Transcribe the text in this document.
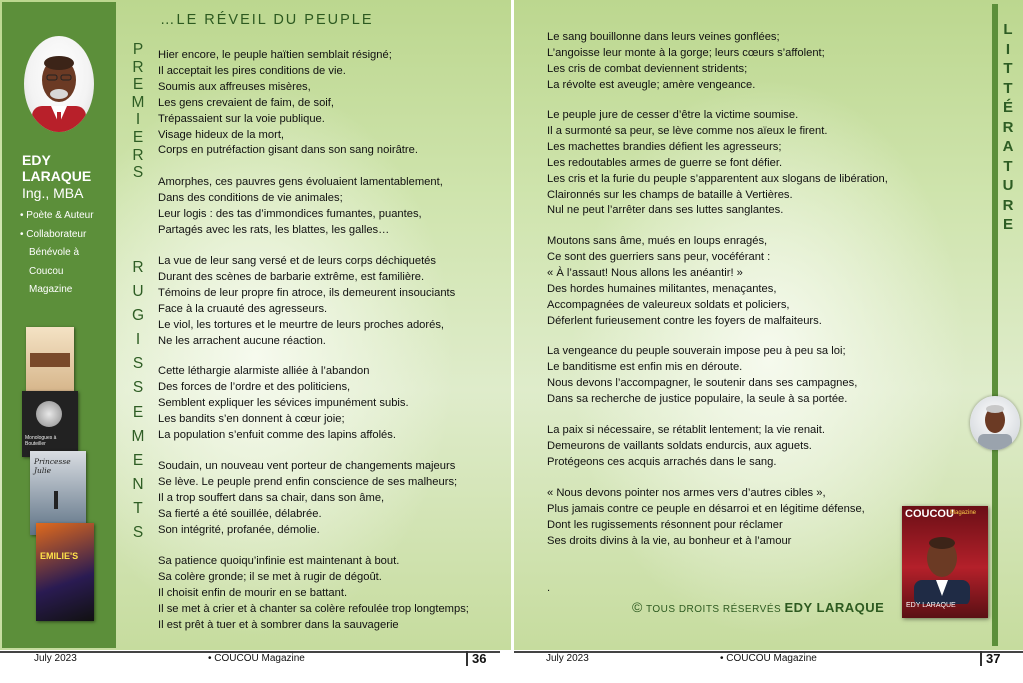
EDY
LARAQUE
Ing., MBA
• Poète & Auteur
• Collaborateur
Bénévole à
Coucou
Magazine
Monologues à Bouteiller
Princesse Julie
EMILIE'S
…LE RÉVEIL DU PEUPLE
P
R
E
M
I
E
R
S
R
U
G
I
S
S
E
M
E
N
T
S
Hier encore, le peuple haïtien semblait résigné;
Il acceptait les pires conditions de vie.
Soumis aux affreuses misères,
Les gens crevaient de faim, de soif,
Trépassaient sur la voie publique.
Visage hideux de la mort,
Corps en putréfaction gisant dans son sang noirâtre.
Amorphes, ces pauvres gens évoluaient lamentablement,
Dans des conditions de vie animales;
Leur logis : des tas d’immondices fumantes, puantes,
Partagés avec les rats, les blattes, les galles…
La vue de leur sang versé et de leurs corps déchiquetés
Durant des scènes de barbarie extrême, est familière.
Témoins de leur propre fin atroce, ils demeurent insouciants
Face à la cruauté des agresseurs.
Le viol, les tortures et le meurtre de leurs proches adorés,
Ne les arrachent aucune réaction.
Cette léthargie alarmiste alliée à l’abandon
Des forces de l’ordre et des politiciens,
Semblent expliquer les sévices impunément subis.
Les bandits s’en donnent à cœur joie;
La population s’enfuit comme des lapins affolés.
Soudain, un nouveau vent porteur de changements majeurs
Se lève. Le peuple prend enfin conscience de ses malheurs;
Il a trop souffert dans sa chair, dans son âme,
Sa fierté a été souillée, délabrée.
Son intégrité, profanée, démolie.
Sa patience quoiqu’infinie est maintenant à bout.
Sa colère gronde; il se met à rugir de dégoût.
Il choisit enfin de mourir en se battant.
Il se met à crier et à chanter sa colère refoulée trop longtemps;
Il est prêt à tuer et à sombrer dans la sauvagerie
Le sang bouillonne dans leurs veines gonflées;
L’angoisse leur monte à la gorge; leurs cœurs s’affolent;
Les cris de combat deviennent stridents;
La révolte est aveugle; amère vengeance.
Le peuple jure de cesser d’être la victime soumise.
Il a surmonté sa peur, se lève comme nos aïeux le firent.
Les machettes brandies défient les agresseurs;
Les redoutables armes de guerre se font défier.
Les cris et la furie du peuple s’apparentent aux slogans de libération,
Claironnés sur les champs de bataille à Vertières.
Nul ne peut l’arrêter dans ses luttes sanglantes.
Moutons sans âme, mués en loups enragés,
Ce sont des guerriers sans peur, vocéférant :
« À l’assaut! Nous allons les anéantir! »
Des hordes humaines militantes, menаçantes,
Accompagnées de valeureux soldats et policiers,
Déferlent furieusement contre les foyers de malfaiteurs.
La vengeance du peuple souverain impose peu à peu sa loi;
Le banditisme est enfin mis en déroute.
Nous devons l’accompagner, le soutenir dans ses campagnes,
Dans sa recherche de justice populaire, la seule à sa portée.
La paix si nécessaire, se rétablit lentement; la vie renait.
Demeurons de vaillants soldats endurcis, aux aguets.
Protégeons ces acquis arrachés dans le sang.
« Nous devons pointer nos armes vers d’autres cibles »,
Plus jamais contre ce peuple en désarroi et en légitime défense,
Dont les rugissements résonnent pour réclamer
Ses droits divins à la vie, au bonheur et à l’amour
.
© TOUS DROITS RÉSERVÉS EDY LARAQUE
L
I
T
T
É
R
A
T
U
R
E
COUCOU
Magazine
EDY LARAQUE
July 2023	• COUCOU Magazine	36	July 2023	• COUCOU Magazine	37
